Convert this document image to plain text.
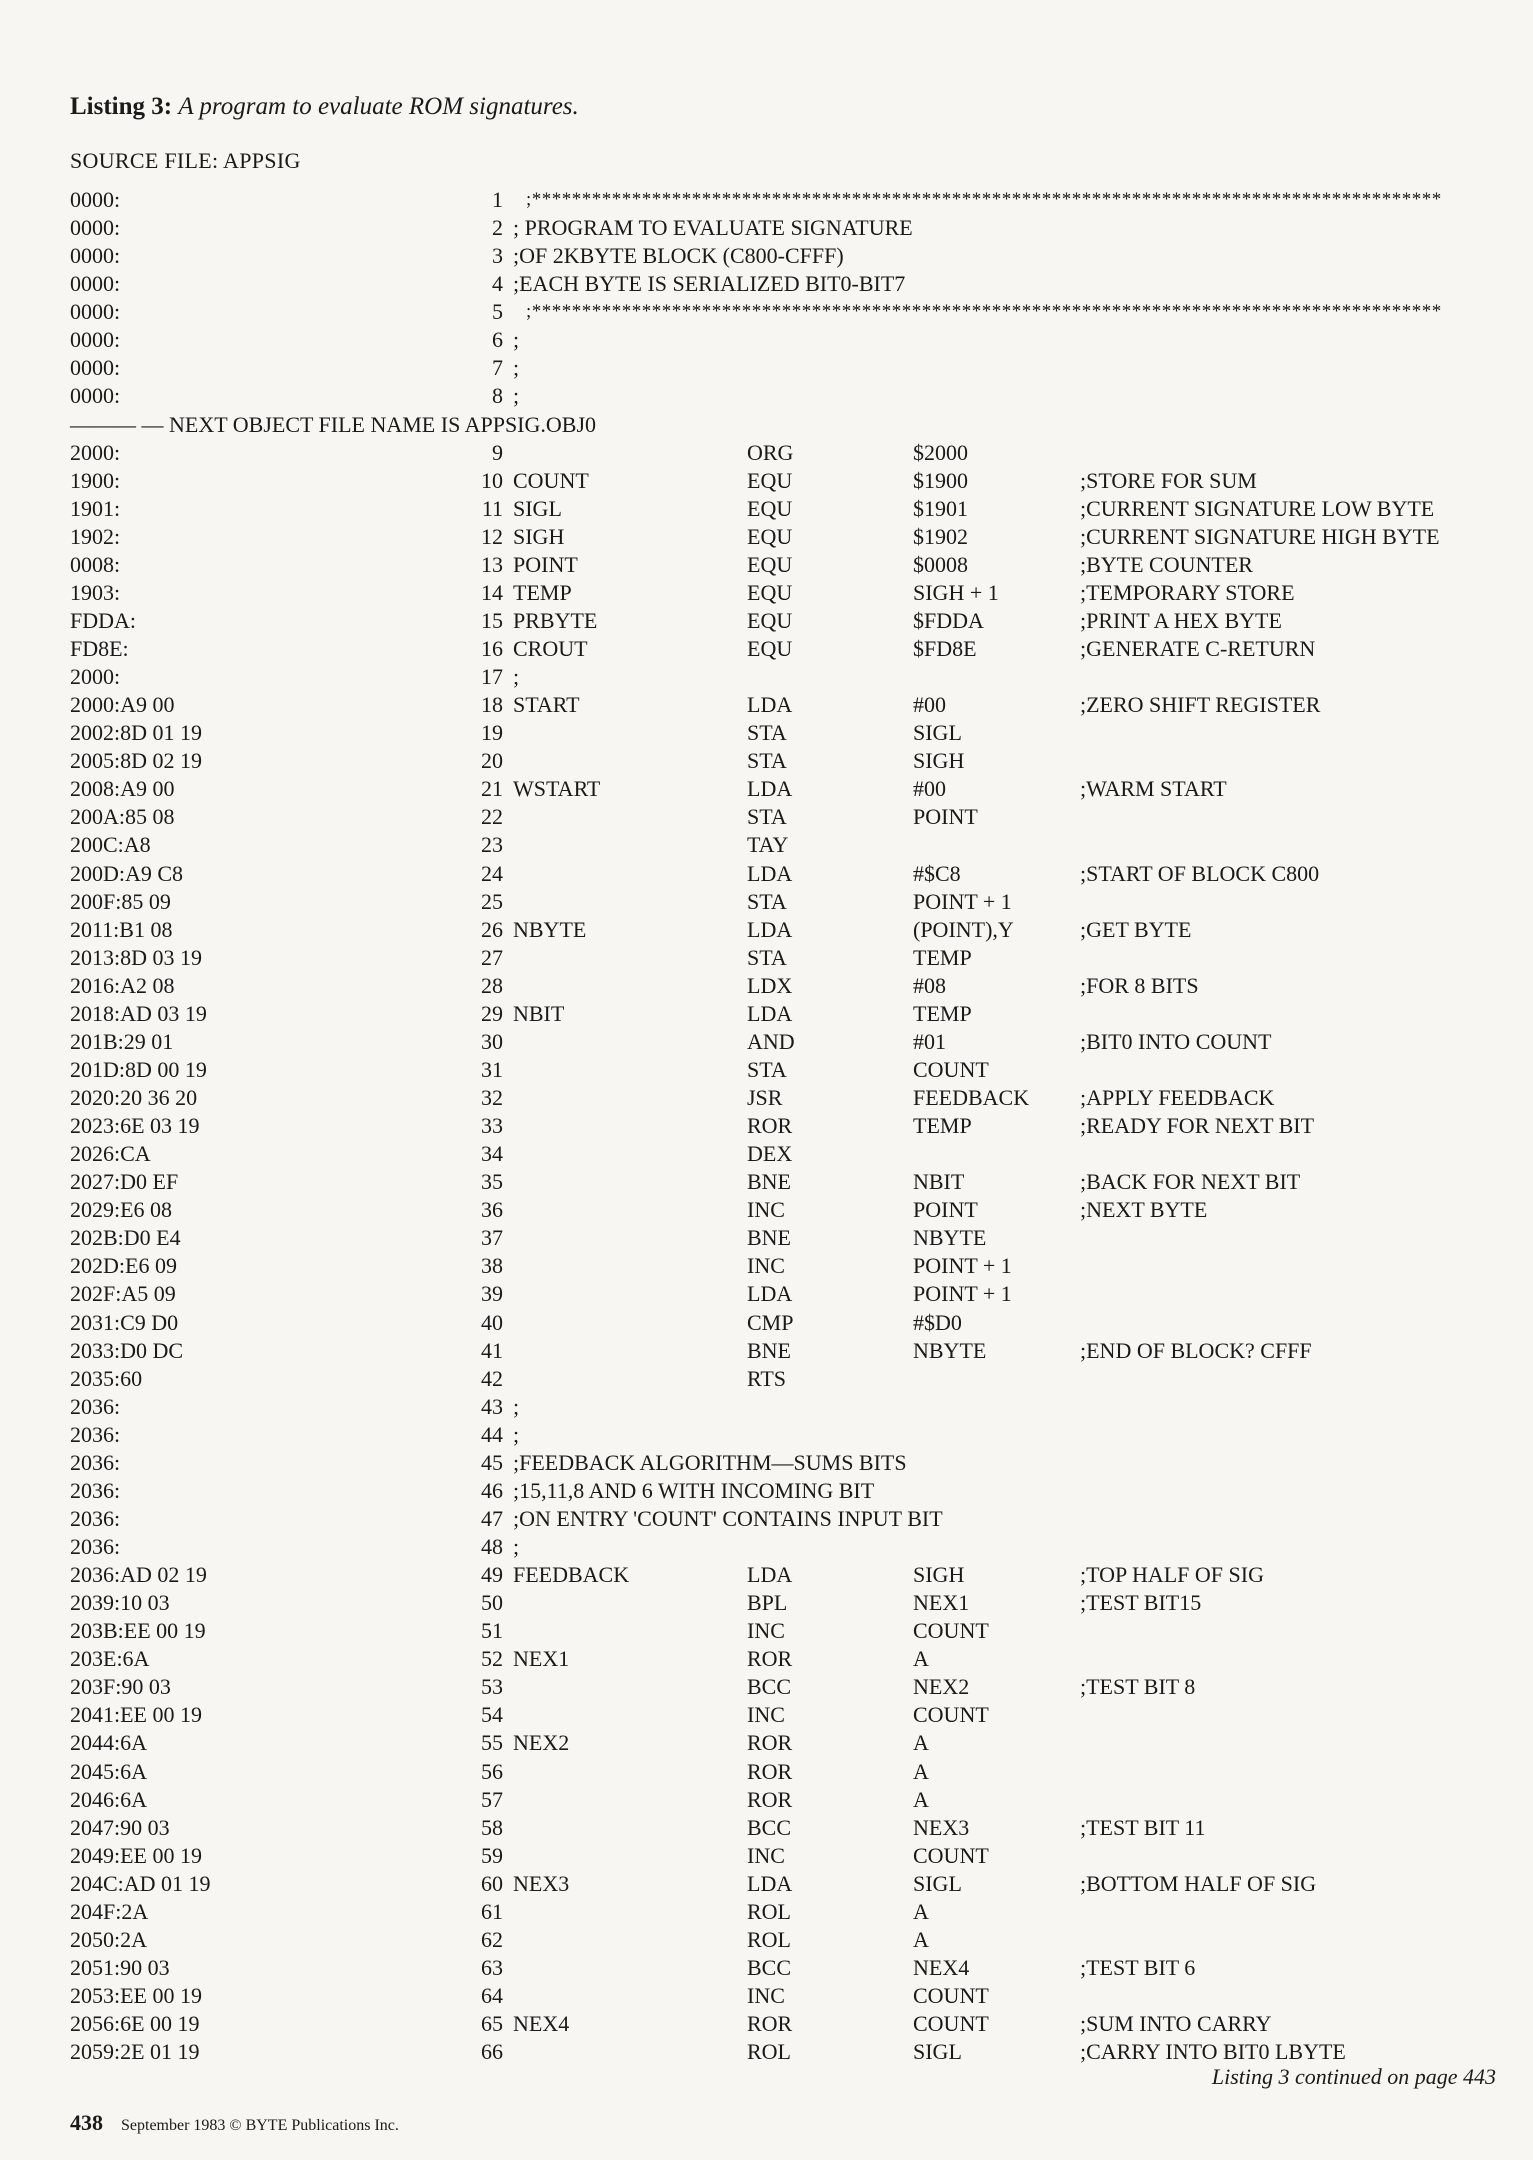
Listing 3: A program to evaluate ROM signatures.
SOURCE FILE: APPSIG
0000:	1 ;*******************************************************************************************
0000:	2 ; PROGRAM TO EVALUATE SIGNATURE
0000:	3 ;OF 2KBYTE BLOCK (C800-CFFF)
0000:	4 ;EACH BYTE IS SERIALIZED BIT0-BIT7
0000:	5 ;*******************************************************************************************
0000:	6 ;
0000:	7 ;
0000:	8 ;
——— — NEXT OBJECT FILE NAME IS APPSIG.OBJ0
2000:	9	ORG	$2000
1900:	10 COUNT	EQU	$1900	;STORE FOR SUM
1901:	11 SIGL	EQU	$1901	;CURRENT SIGNATURE LOW BYTE
1902:	12 SIGH	EQU	$1902	;CURRENT SIGNATURE HIGH BYTE
0008:	13 POINT	EQU	$0008	;BYTE COUNTER
1903:	14 TEMP	EQU	SIGH + 1	;TEMPORARY STORE
FDDA:	15 PRBYTE	EQU	$FDDA	;PRINT A HEX BYTE
FD8E:	16 CROUT	EQU	$FD8E	;GENERATE C-RETURN
2000:	17 ;
2000:A9 00	18 START	LDA	#00	;ZERO SHIFT REGISTER
2002:8D 01 19	19	STA	SIGL
2005:8D 02 19	20	STA	SIGH
2008:A9 00	21 WSTART	LDA	#00	;WARM START
200A:85 08	22	STA	POINT
200C:A8	23	TAY
200D:A9 C8	24	LDA	#$C8	;START OF BLOCK C800
200F:85 09	25	STA	POINT + 1
2011:B1 08	26 NBYTE	LDA	(POINT),Y	;GET BYTE
2013:8D 03 19	27	STA	TEMP
2016:A2 08	28	LDX	#08	;FOR 8 BITS
2018:AD 03 19	29 NBIT	LDA	TEMP
201B:29 01	30	AND	#01	;BIT0 INTO COUNT
201D:8D 00 19	31	STA	COUNT
2020:20 36 20	32	JSR	FEEDBACK ;APPLY FEEDBACK
2023:6E 03 19	33	ROR	TEMP	;READY FOR NEXT BIT
2026:CA	34	DEX
2027:D0 EF	35	BNE	NBIT	;BACK FOR NEXT BIT
2029:E6 08	36	INC	POINT	;NEXT BYTE
202B:D0 E4	37	BNE	NBYTE
202D:E6 09	38	INC	POINT + 1
202F:A5 09	39	LDA	POINT + 1
2031:C9 D0	40	CMP	#$D0
2033:D0 DC	41	BNE	NBYTE	;END OF BLOCK? CFFF
2035:60	42	RTS
2036:	43 ;
2036:	44 ;
2036:	45 ;FEEDBACK ALGORITHM—SUMS BITS
2036:	46 ;15,11,8 AND 6 WITH INCOMING BIT
2036:	47 ;ON ENTRY 'COUNT' CONTAINS INPUT BIT
2036:	48 ;
2036:AD 02 19	49 FEEDBACK	LDA	SIGH	;TOP HALF OF SIG
2039:10 03	50	BPL	NEX1	;TEST BIT15
203B:EE 00 19	51	INC	COUNT
203E:6A	52 NEX1	ROR	A
203F:90 03	53	BCC	NEX2	;TEST BIT 8
2041:EE 00 19	54	INC	COUNT
2044:6A	55 NEX2	ROR	A
2045:6A	56	ROR	A
2046:6A	57	ROR	A
2047:90 03	58	BCC	NEX3	;TEST BIT 11
2049:EE 00 19	59	INC	COUNT
204C:AD 01 19	60 NEX3	LDA	SIGL	;BOTTOM HALF OF SIG
204F:2A	61	ROL	A
2050:2A	62	ROL	A
2051:90 03	63	BCC	NEX4	;TEST BIT 6
2053:EE 00 19	64	INC	COUNT
2056:6E 00 19	65 NEX4	ROR	COUNT	;SUM INTO CARRY
2059:2E 01 19	66	ROL	SIGL	;CARRY INTO BIT0 LBYTE
Listing 3 continued on page 443
438 September 1983 © BYTE Publications Inc.
